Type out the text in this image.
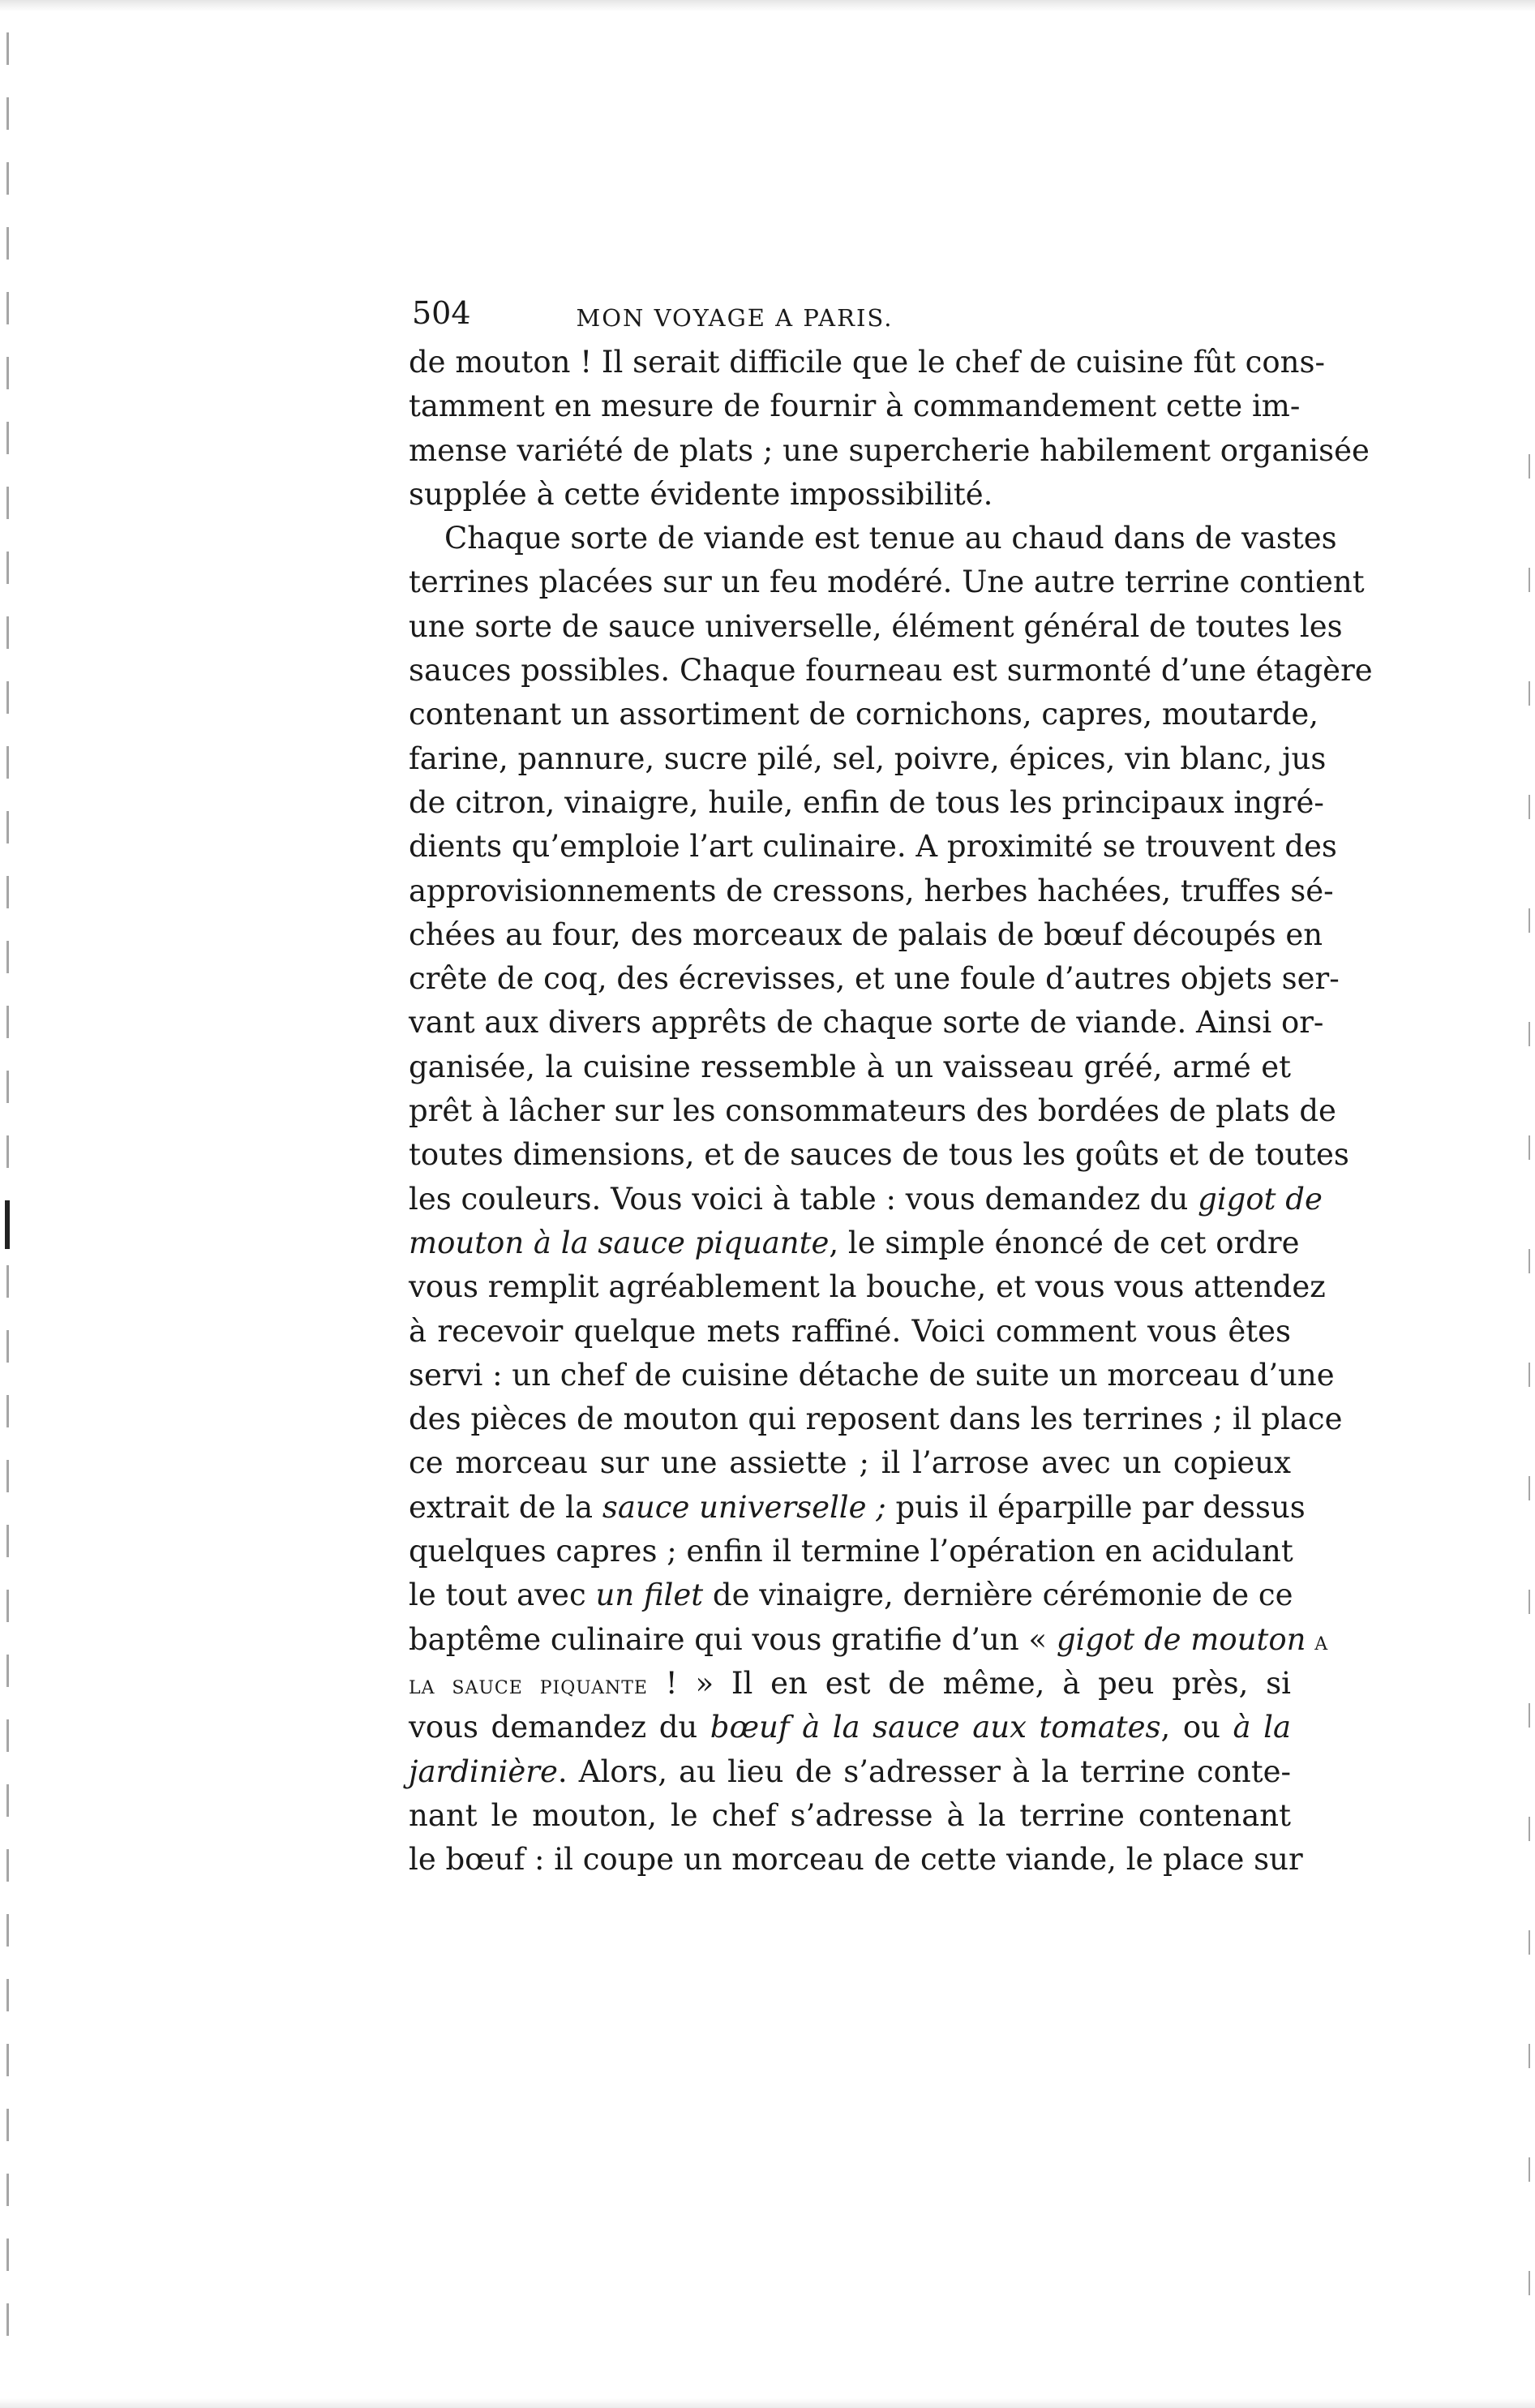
504	MON VOYAGE A PARIS.
de mouton ! Il serait difficile que le chef de cuisine fût cons-
tamment en mesure de fournir à commandement cette im-
mense variété de plats ; une supercherie habilement organisée
supplée à cette évidente impossibilité.
Chaque sorte de viande est tenue au chaud dans de vastes
terrines placées sur un feu modéré. Une autre terrine contient
une sorte de sauce universelle, élément général de toutes les
sauces possibles. Chaque fourneau est surmonté d’une étagère
contenant un assortiment de cornichons, capres, moutarde,
farine, pannure, sucre pilé, sel, poivre, épices, vin blanc, jus
de citron, vinaigre, huile, enfin de tous les principaux ingré-
dients qu’emploie l’art culinaire. A proximité se trouvent des
approvisionnements de cressons, herbes hachées, truffes sé-
chées au four, des morceaux de palais de bœuf découpés en
crête de coq, des écrevisses, et une foule d’autres objets ser-
vant aux divers apprêts de chaque sorte de viande. Ainsi or-
ganisée, la cuisine ressemble à un vaisseau gréé, armé et
prêt à lâcher sur les consommateurs des bordées de plats de
toutes dimensions, et de sauces de tous les goûts et de toutes
les couleurs. Vous voici à table : vous demandez du gigot de
mouton à la sauce piquante, le simple énoncé de cet ordre
vous remplit agréablement la bouche, et vous vous attendez
à recevoir quelque mets raffiné. Voici comment vous êtes
servi : un chef de cuisine détache de suite un morceau d’une
des pièces de mouton qui reposent dans les terrines ; il place
ce morceau sur une assiette ; il l’arrose avec un copieux
extrait de la sauce universelle ; puis il éparpille par dessus
quelques capres ; enfin il termine l’opération en acidulant
le tout avec un filet de vinaigre, dernière cérémonie de ce
baptême culinaire qui vous gratifie d’un « gigot de mouton a
la sauce piquante ! » Il en est de même, à peu près, si
vous demandez du bœuf à la sauce aux tomates, ou à la
jardinière. Alors, au lieu de s’adresser à la terrine conte-
nant le mouton, le chef s’adresse à la terrine contenant
le bœuf : il coupe un morceau de cette viande, le place sur
